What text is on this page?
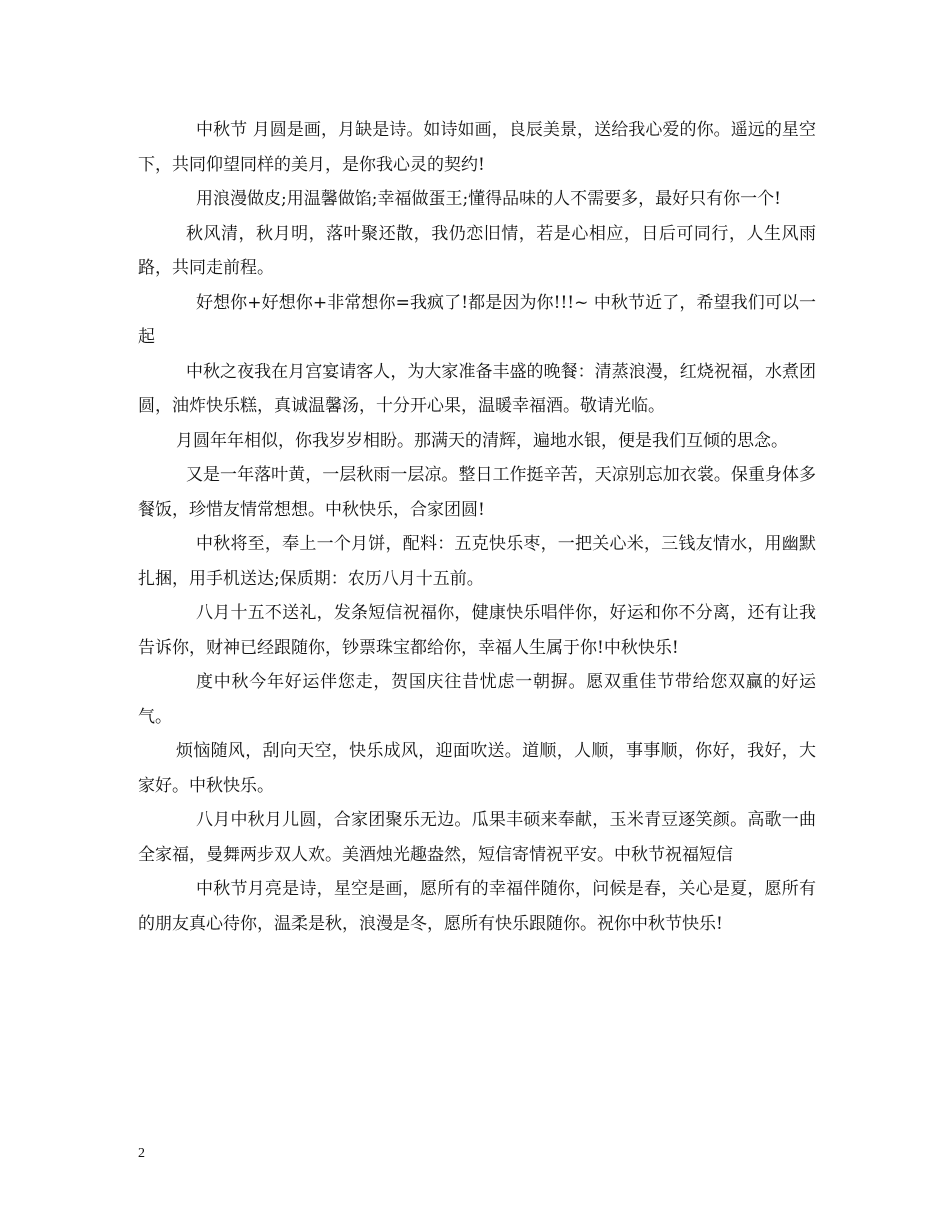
中秋节 月圆是画，月缺是诗。如诗如画，良辰美景，送给我心爱的你。遥远的星空下，共同仰望同样的美月，是你我心灵的契约!

用浪漫做皮;用温馨做馅;幸福做蛋王;懂得品味的人不需要多，最好只有你一个!

秋风清，秋月明，落叶聚还散，我仍恋旧情，若是心相应，日后可同行，人生风雨路，共同走前程。

好想你+好想你+非常想你=我疯了!都是因为你!!!~ 中秋节近了，希望我们可以一起

中秋之夜我在月宫宴请客人，为大家准备丰盛的晚餐：清蒸浪漫，红烧祝福，水煮团圆，油炸快乐糕，真诚温馨汤，十分开心果，温暖幸福酒。敬请光临。

月圆年年相似，你我岁岁相盼。那满天的清辉，遍地水银，便是我们互倾的思念。

又是一年落叶黄，一层秋雨一层凉。整日工作挺辛苦，天凉别忘加衣裳。保重身体多餐饭，珍惜友情常想想。中秋快乐，合家团圆!

中秋将至，奉上一个月饼，配料：五克快乐枣，一把关心米，三钱友情水，用幽默扎捆，用手机送达;保质期：农历八月十五前。

八月十五不送礼，发条短信祝福你，健康快乐唱伴你，好运和你不分离，还有让我告诉你，财神已经跟随你，钞票珠宝都给你，幸福人生属于你!中秋快乐!

度中秋今年好运伴您走，贺国庆往昔忧虑一朝摒。愿双重佳节带给您双赢的好运气。

烦恼随风，刮向天空，快乐成风，迎面吹送。道顺，人顺，事事顺，你好，我好，大家好。中秋快乐。

八月中秋月儿圆，合家团聚乐无边。瓜果丰硕来奉献，玉米青豆逐笑颜。高歌一曲全家福，曼舞两步双人欢。美酒烛光趣盎然，短信寄情祝平安。中秋节祝福短信

中秋节月亮是诗，星空是画，愿所有的幸福伴随你，问候是春，关心是夏，愿所有的朋友真心待你，温柔是秋，浪漫是冬，愿所有快乐跟随你。祝你中秋节快乐!

2
